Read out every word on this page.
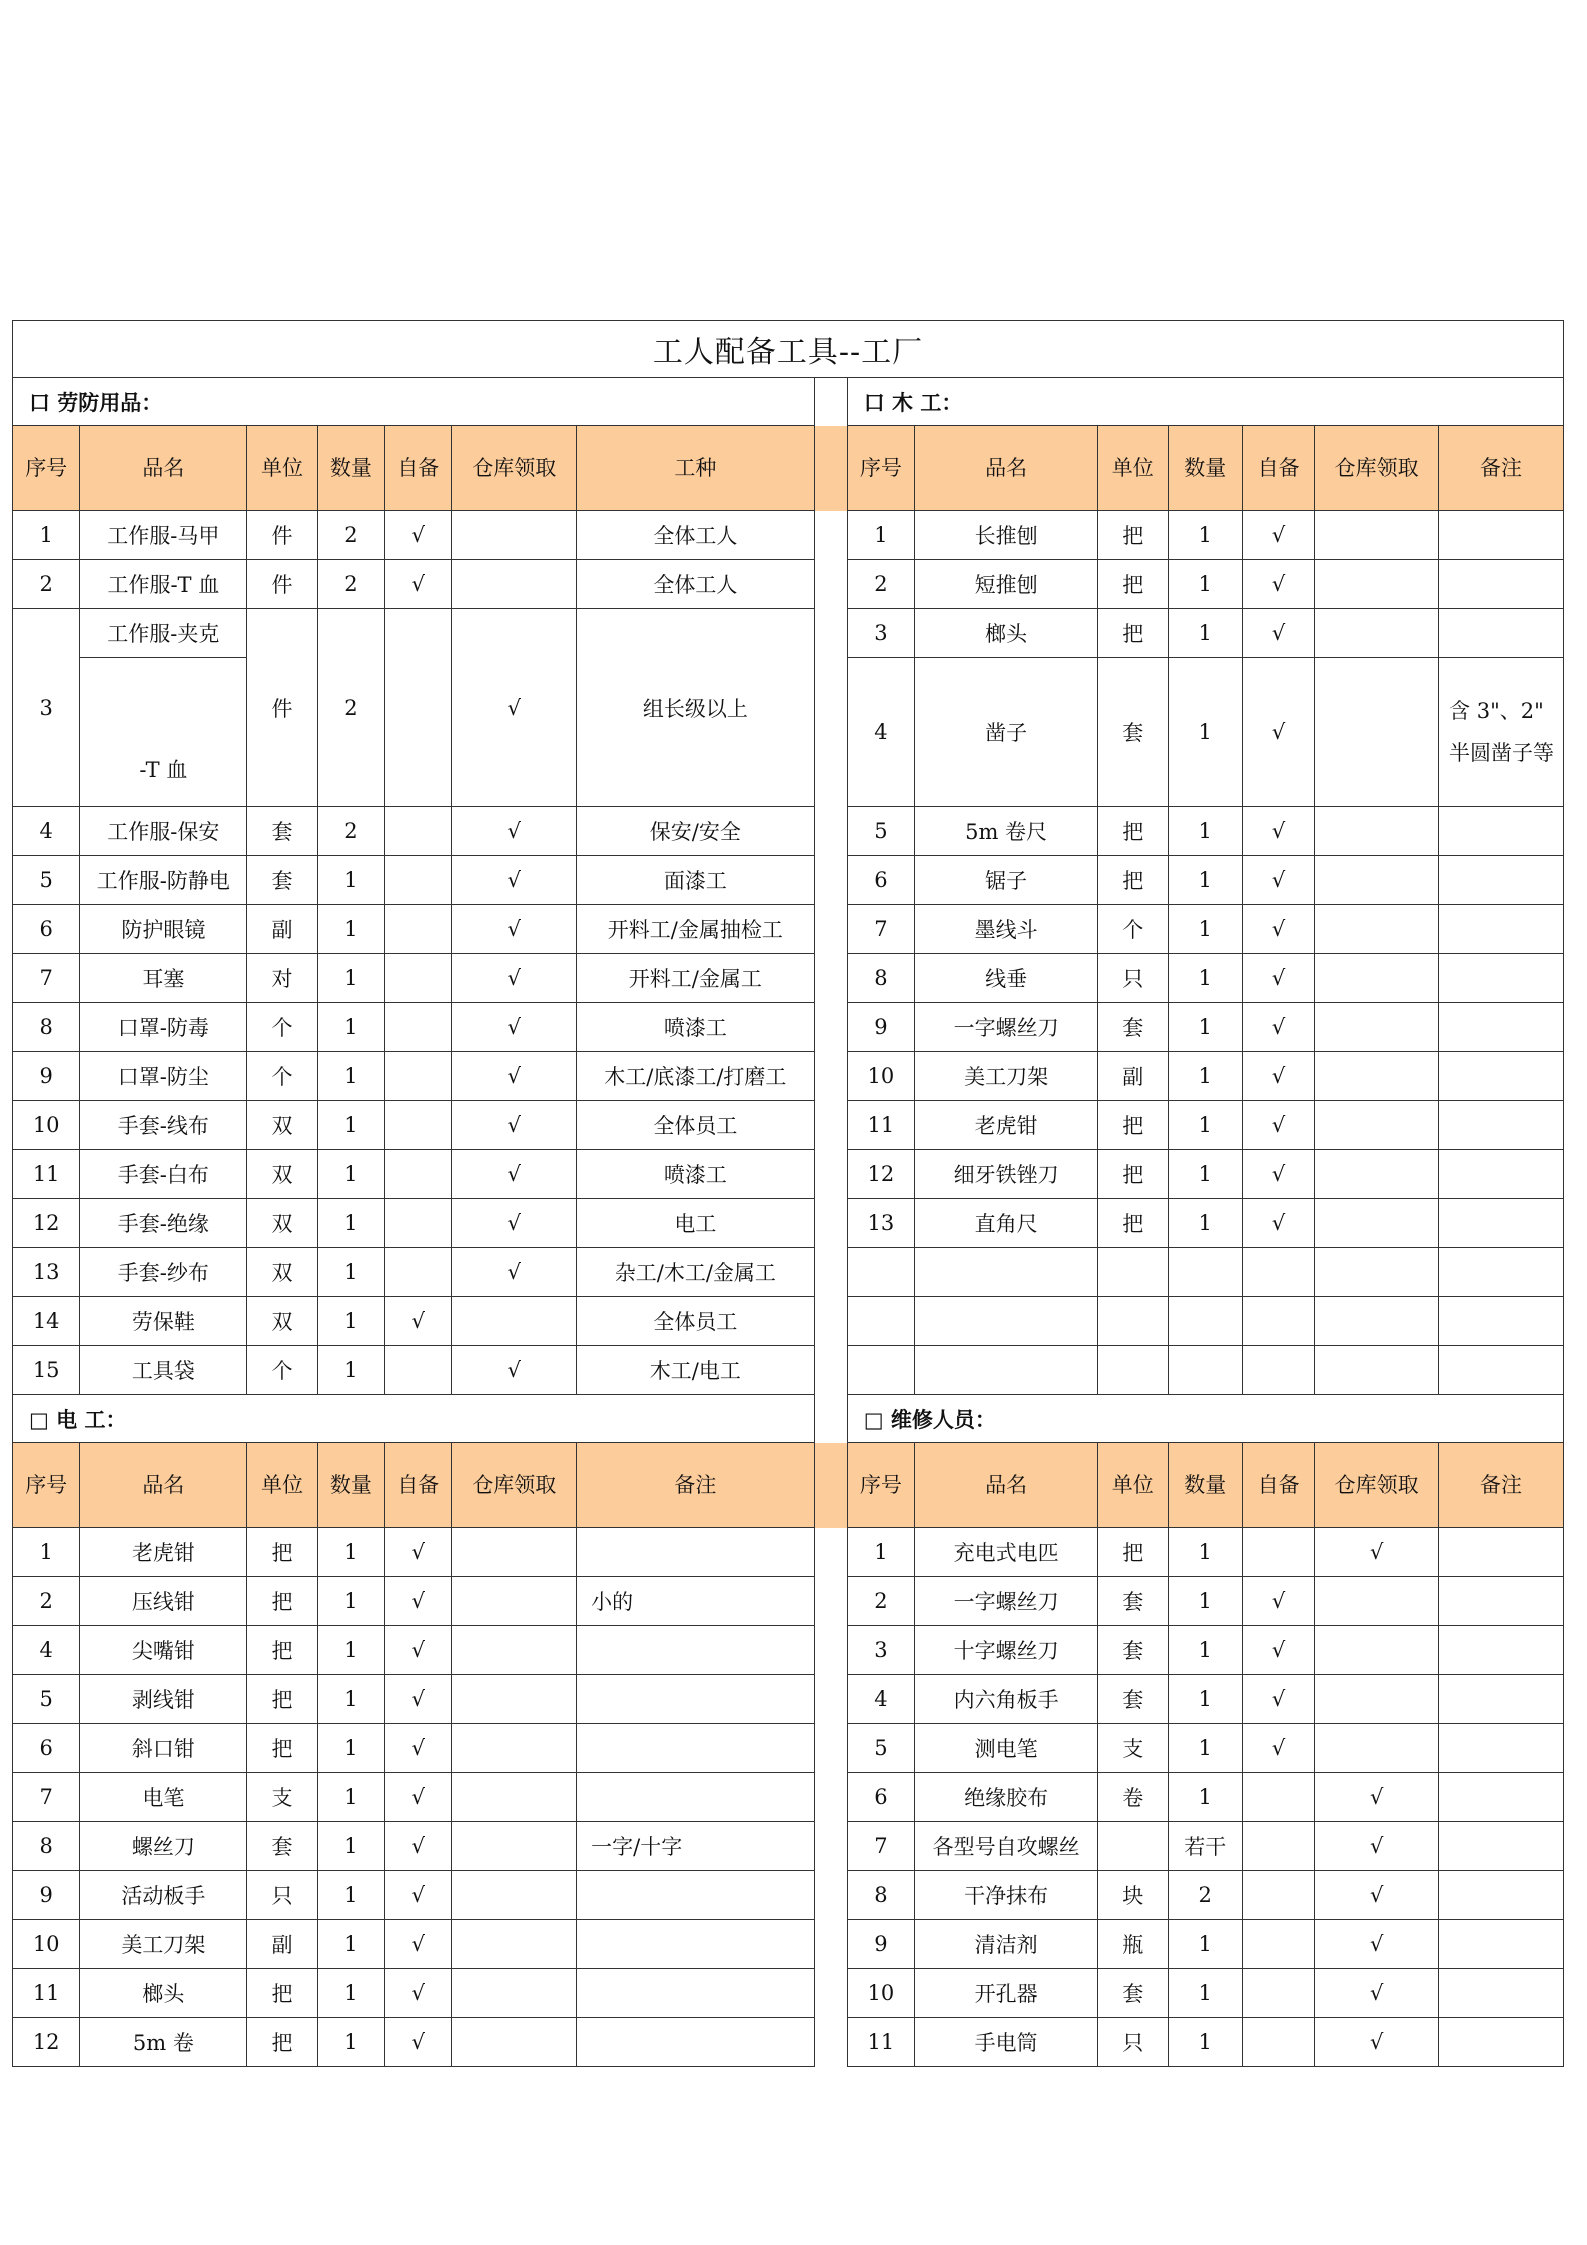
工人配备工具--工厂														
口 劳防用品：								口 木 工：						
序号	品名	单位	数量	自备	仓库领取	工种		序号	品名	单位	数量	自备	仓库领取	备注
1	工作服-马甲	件	2	√		全体工人		1	长推刨	把	1	√		
2	工作服-T 血	件	2	√		全体工人		2	短推刨	把	1	√		
3	工作服-夹克	件	2		√	组长级以上		3	榔头	把	1	√		
	-T 血							4	凿子	套	1	√		含 3"、2" 半圆凿子等
4	工作服-保安	套	2		√	保安/安全		5	5m 卷尺	把	1	√		
5	工作服-防静电	套	1		√	面漆工		6	锯子	把	1	√		
6	防护眼镜	副	1		√	开料工/金属抽检工		7	墨线斗	个	1	√		
7	耳塞	对	1		√	开料工/金属工		8	线垂	只	1	√		
8	口罩-防毒	个	1		√	喷漆工		9	一字螺丝刀	套	1	√		
9	口罩-防尘	个	1		√	木工/底漆工/打磨工		10	美工刀架	副	1	√		
10	手套-线布	双	1		√	全体员工		11	老虎钳	把	1	√		
11	手套-白布	双	1		√	喷漆工		12	细牙铁锉刀	把	1	√		
12	手套-绝缘	双	1		√	电工		13	直角尺	把	1	√		
13	手套-纱布	双	1		√	杂工/木工/金属工								
14	劳保鞋	双	1	√		全体员工								
15	工具袋	个	1		√	木工/电工								
□ 电 工：								□ 维修人员：						
序号	品名	单位	数量	自备	仓库领取	备注		序号	品名	单位	数量	自备	仓库领取	备注
1	老虎钳	把	1	√				1	充电式电匹	把	1		√	
2	压线钳	把	1	√		小的		2	一字螺丝刀	套	1	√		
4	尖嘴钳	把	1	√				3	十字螺丝刀	套	1	√		
5	剥线钳	把	1	√				4	内六角板手	套	1	√		
6	斜口钳	把	1	√				5	测电笔	支	1	√		
7	电笔	支	1	√				6	绝缘胶布	卷	1		√	
8	螺丝刀	套	1	√		一字/十字		7	各型号自攻螺丝		若干		√	
9	活动板手	只	1	√				8	干净抹布	块	2		√	
10	美工刀架	副	1	√				9	清洁剂	瓶	1		√	
11	榔头	把	1	√				10	开孔器	套	1		√	
12	5m 卷	把	1	√				11	手电筒	只	1		√	
